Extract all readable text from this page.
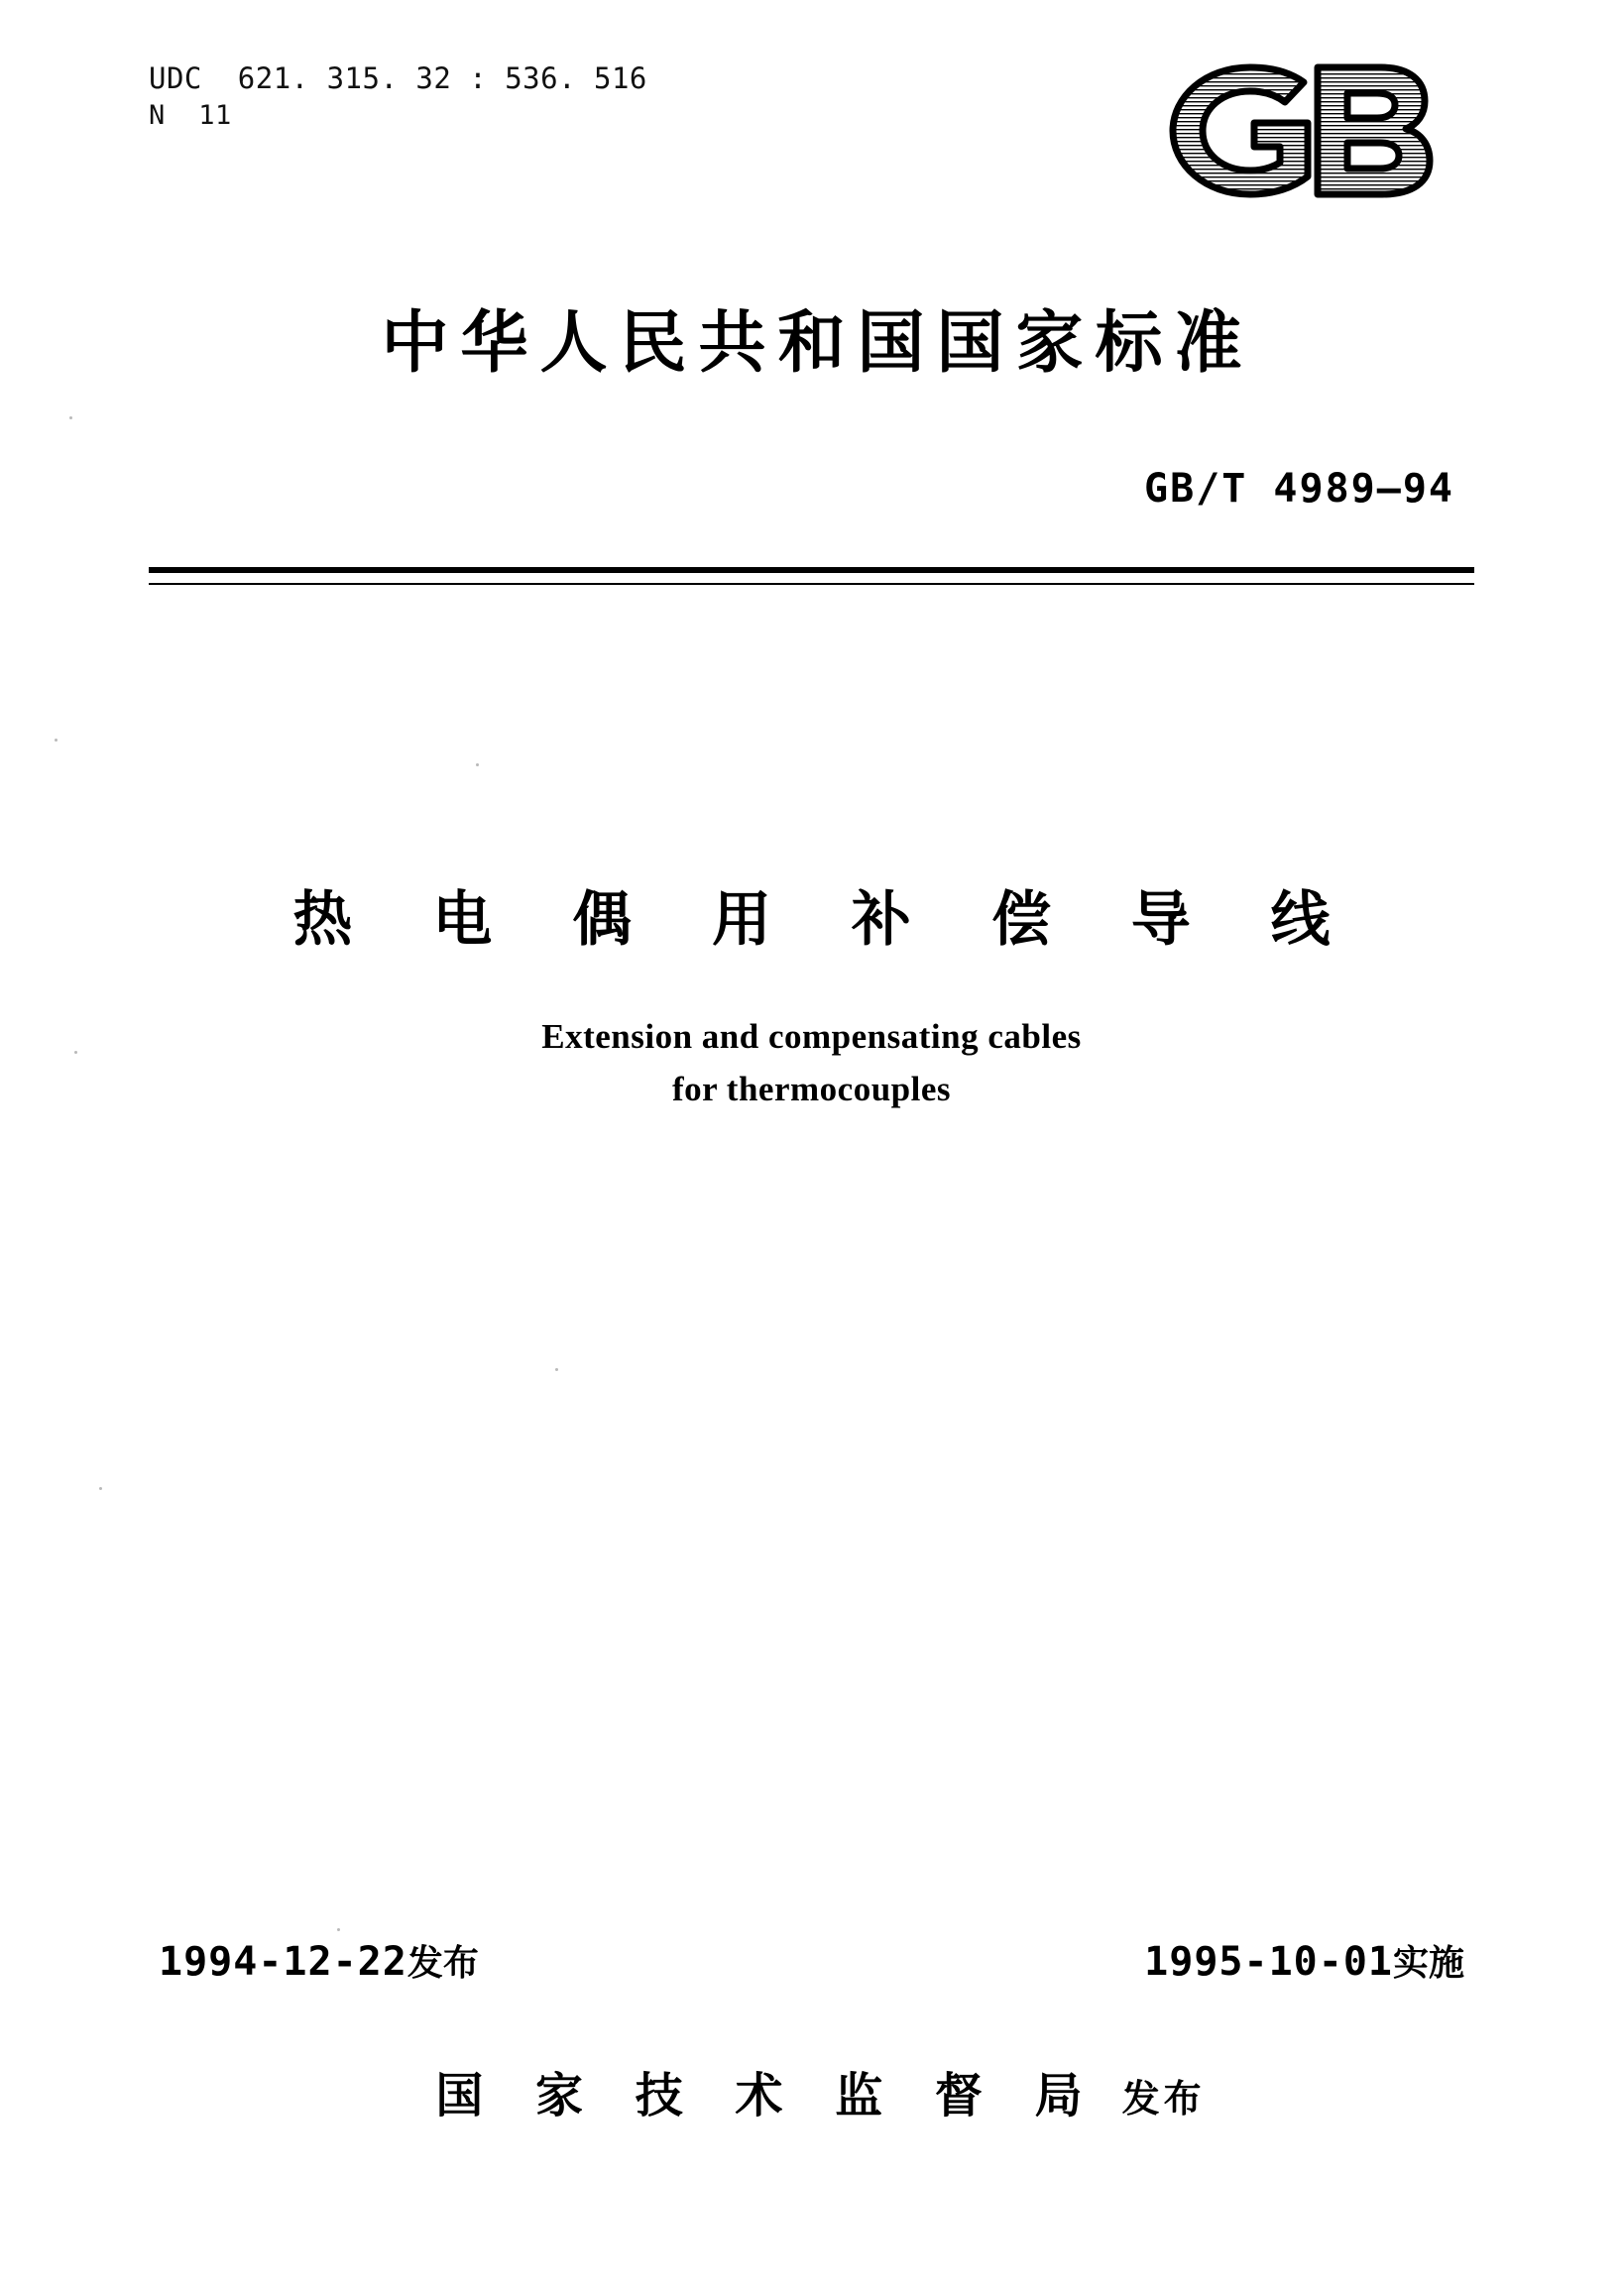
UDC  621. 315. 32 : 536. 516
N  11
中华人民共和国国家标准
GB/T 4989—94
热 电 偶 用 补 偿 导 线
Extension and compensating cables
for thermocouples
1994-12-22发布	1995-10-01实施
国 家 技 术 监 督 局 发布
